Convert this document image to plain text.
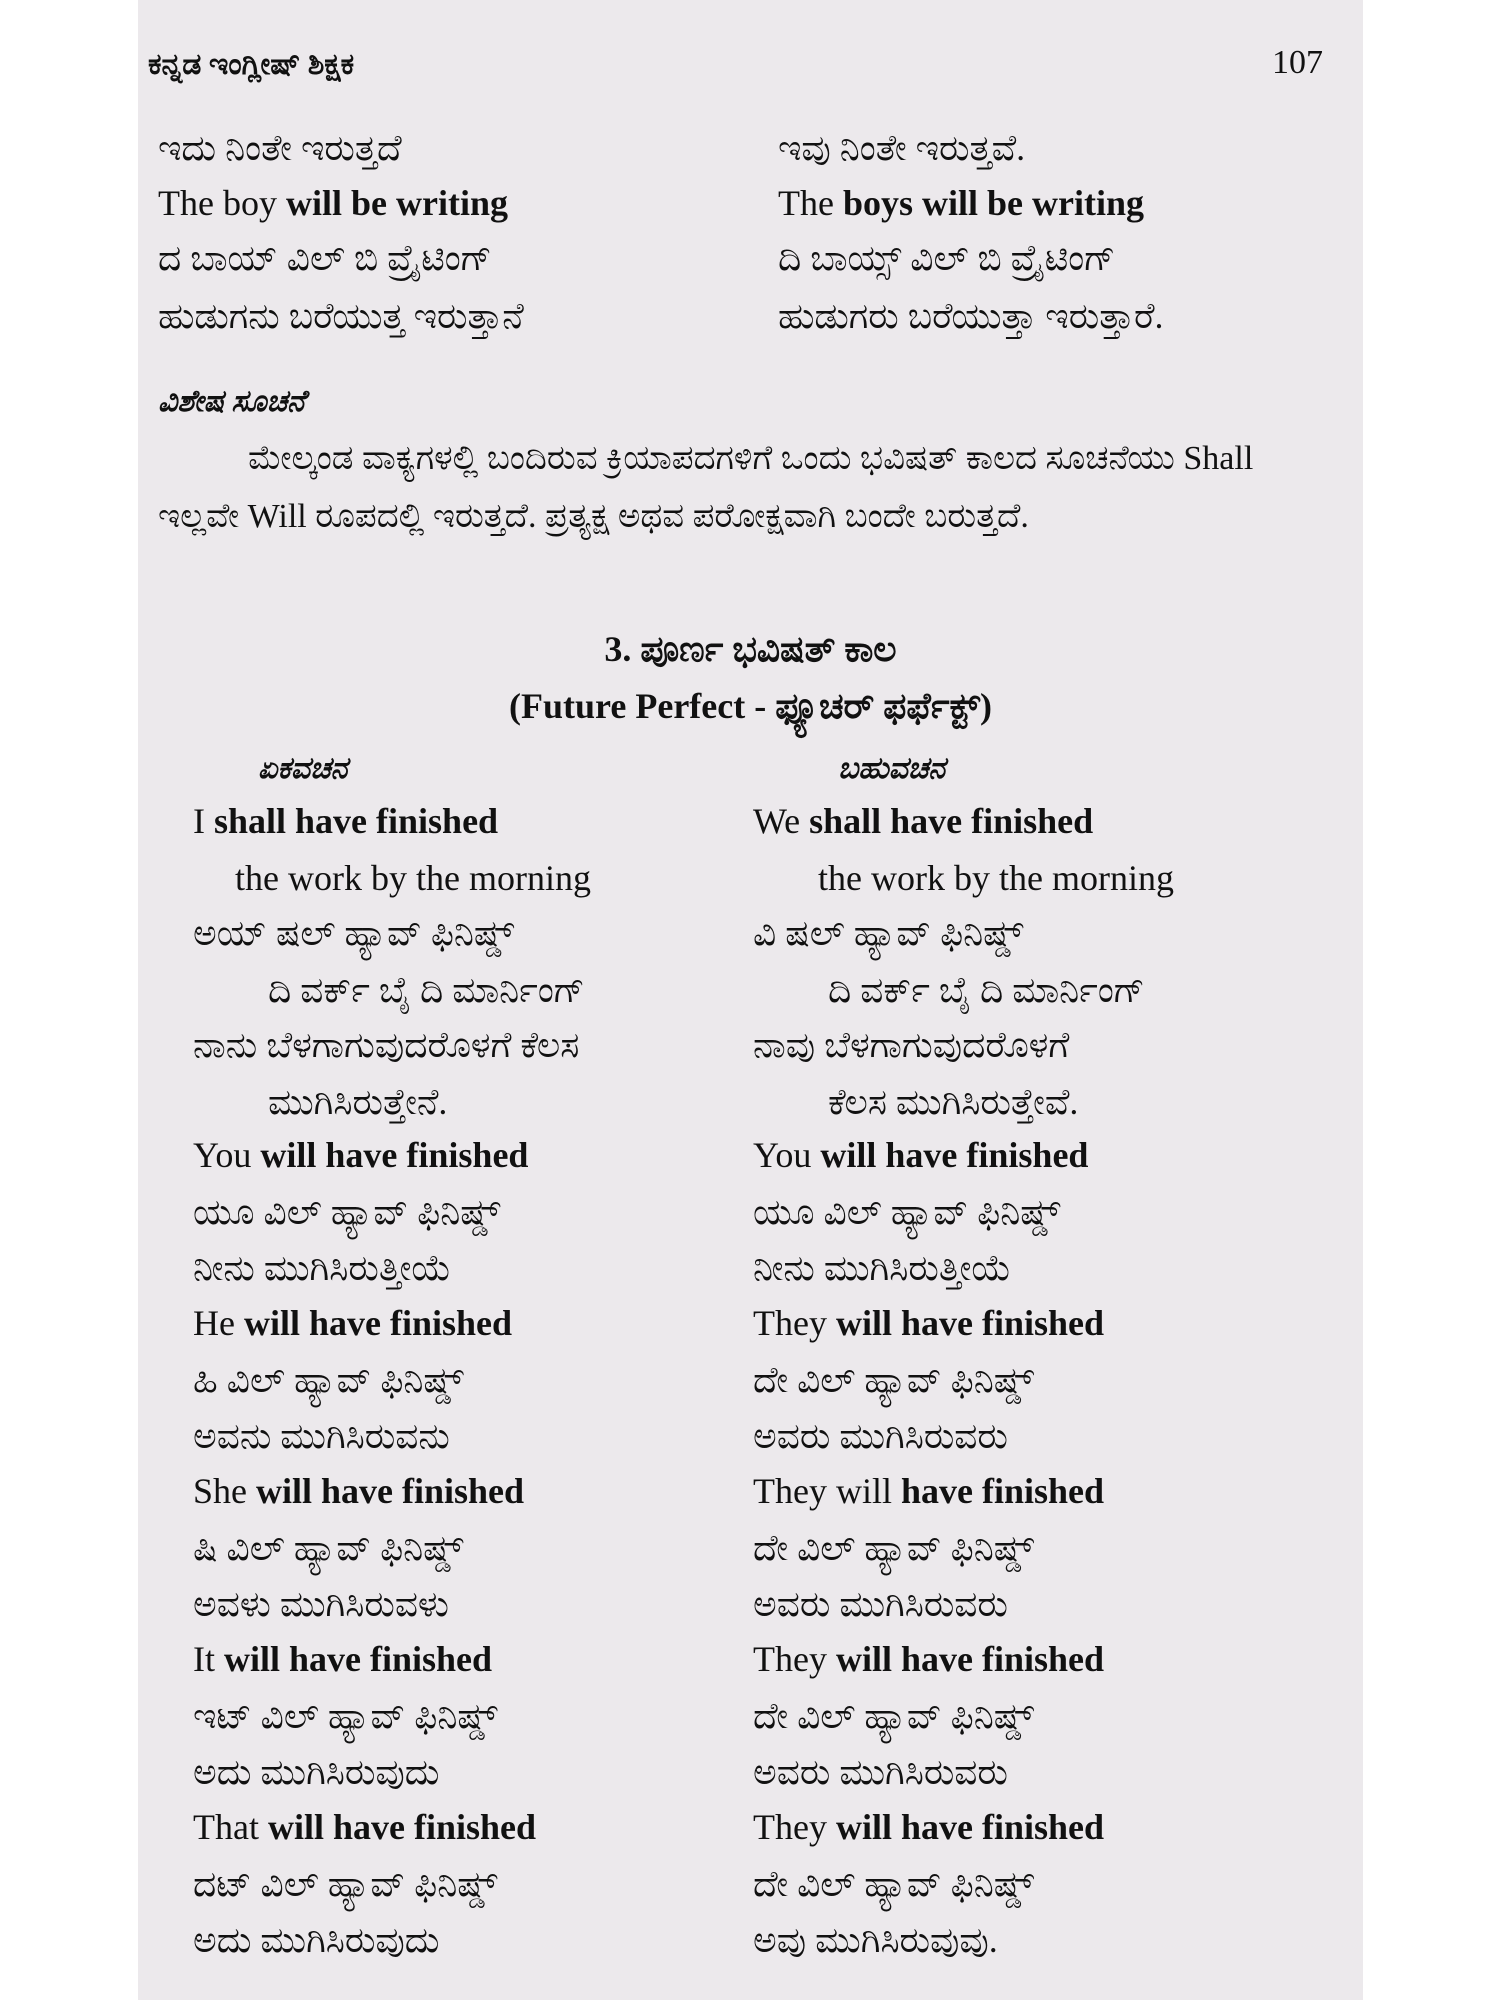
ಕನ್ನಡ ಇಂಗ್ಲೀಷ್ ಶಿಕ್ಷಕ	107
ಇದು ನಿಂತೇ ಇರುತ್ತದೆ	ಇವು ನಿಂತೇ ಇರುತ್ತವೆ.
The boy will be writing	The boys will be writing
ದ ಬಾಯ್ ವಿಲ್ ಬಿ ವ್ರೈಟಿಂಗ್	ದಿ ಬಾಯ್ಸ್ ವಿಲ್ ಬಿ ವ್ರೈಟಿಂಗ್
ಹುಡುಗನು ಬರೆಯುತ್ತ ಇರುತ್ತಾನೆ	ಹುಡುಗರು ಬರೆಯುತ್ತಾ ಇರುತ್ತಾರೆ.
ವಿಶೇಷ ಸೂಚನೆ
ಮೇಲ್ಕಂಡ ವಾಕ್ಯಗಳಲ್ಲಿ ಬಂದಿರುವ ಕ್ರಿಯಾಪದಗಳಿಗೆ ಒಂದು ಭವಿಷತ್ ಕಾಲದ ಸೂಚನೆಯು Shall ಇಲ್ಲವೇ Will ರೂಪದಲ್ಲಿ ಇರುತ್ತದೆ. ಪ್ರತ್ಯಕ್ಷ ಅಥವ ಪರೋಕ್ಷವಾಗಿ ಬಂದೇ ಬರುತ್ತದೆ.
3. ಪೂರ್ಣ ಭವಿಷತ್ ಕಾಲ
(Future Perfect - ಫ್ಯೂಚರ್ ಫರ್ಫೆಕ್ಟ್)
ಏಕವಚನ	ಬಹುವಚನ
I shall have finished	We shall have finished
the work by the morning	the work by the morning
ಅಯ್ ಷಲ್ ಹ್ಯಾವ್ ಫಿನಿಷ್ಡ್	ವಿ ಷಲ್ ಹ್ಯಾವ್ ಫಿನಿಷ್ಡ್
ದಿ ವರ್ಕ್ ಬೈ ದಿ ಮಾರ್ನಿಂಗ್	ದಿ ವರ್ಕ್ ಬೈ ದಿ ಮಾರ್ನಿಂಗ್
ನಾನು ಬೆಳಗಾಗುವುದರೊಳಗೆ ಕೆಲಸ	ನಾವು ಬೆಳಗಾಗುವುದರೊಳಗೆ
ಮುಗಿಸಿರುತ್ತೇನೆ.	ಕೆಲಸ ಮುಗಿಸಿರುತ್ತೇವೆ.
You will have finished	You will have finished
ಯೂ ವಿಲ್ ಹ್ಯಾವ್ ಫಿನಿಷ್ಡ್	ಯೂ ವಿಲ್ ಹ್ಯಾವ್ ಫಿನಿಷ್ಡ್
ನೀನು ಮುಗಿಸಿರುತ್ತೀಯೆ	ನೀನು ಮುಗಿಸಿರುತ್ತೀಯೆ
He will have finished	They will have finished
ಹಿ ವಿಲ್ ಹ್ಯಾವ್ ಫಿನಿಷ್ಡ್	ದೇ ವಿಲ್ ಹ್ಯಾವ್ ಫಿನಿಷ್ಡ್
ಅವನು ಮುಗಿಸಿರುವನು	ಅವರು ಮುಗಿಸಿರುವರು
She will have finished	They will have finished
ಷಿ ವಿಲ್ ಹ್ಯಾವ್ ಫಿನಿಷ್ಡ್	ದೇ ವಿಲ್ ಹ್ಯಾವ್ ಫಿನಿಷ್ಡ್
ಅವಳು ಮುಗಿಸಿರುವಳು	ಅವರು ಮುಗಿಸಿರುವರು
It will have finished	They will have finished
ಇಟ್ ವಿಲ್ ಹ್ಯಾವ್ ಫಿನಿಷ್ಡ್	ದೇ ವಿಲ್ ಹ್ಯಾವ್ ಫಿನಿಷ್ಡ್
ಅದು ಮುಗಿಸಿರುವುದು	ಅವರು ಮುಗಿಸಿರುವರು
That will have finished	They will have finished
ದಟ್ ವಿಲ್ ಹ್ಯಾವ್ ಫಿನಿಷ್ಡ್	ದೇ ವಿಲ್ ಹ್ಯಾವ್ ಫಿನಿಷ್ಡ್
ಅದು ಮುಗಿಸಿರುವುದು	ಅವು ಮುಗಿಸಿರುವುವು.
